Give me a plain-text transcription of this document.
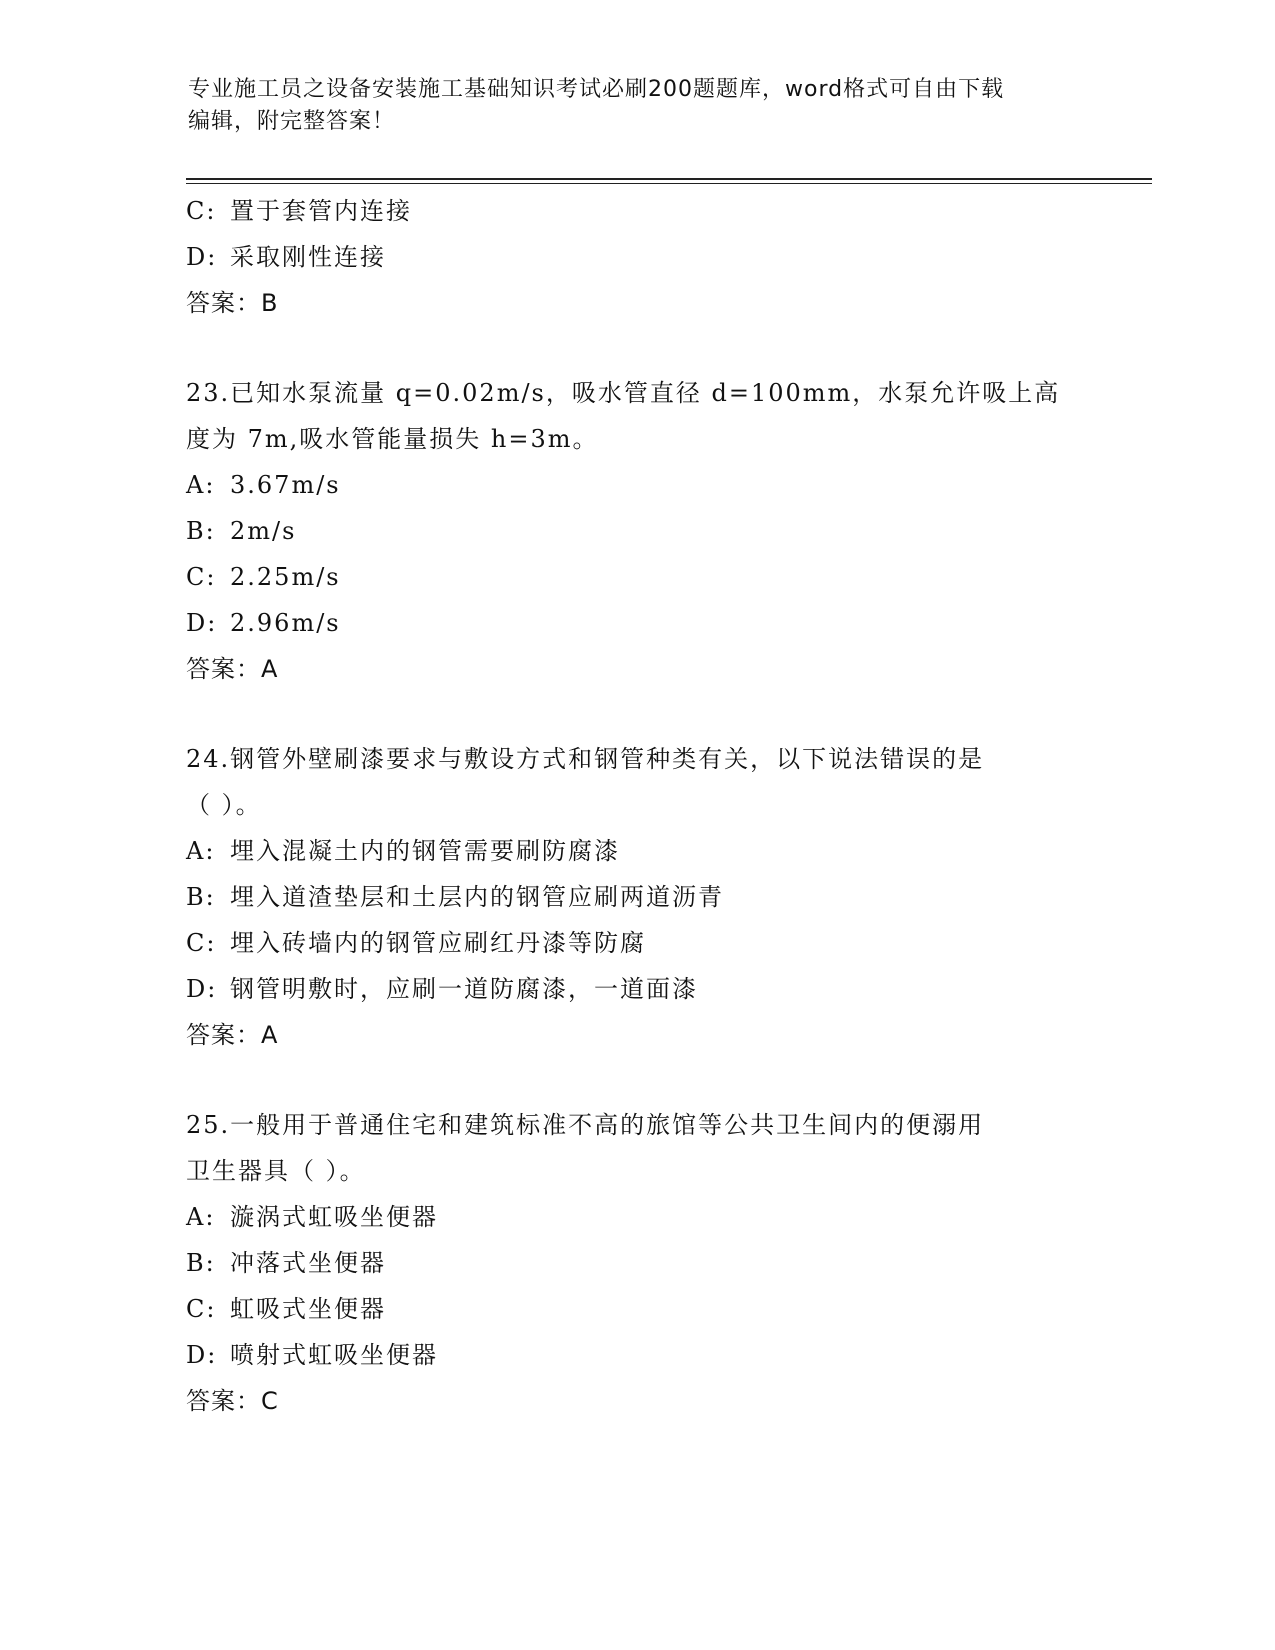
专业施工员之设备安装施工基础知识考试必刷200题题库，word格式可自由下载
编辑，附完整答案！
C: 置于套管内连接
D: 采取刚性连接
答案：B
23.已知水泵流量 q=0.02m/s，吸水管直径 d=100mm，水泵允许吸上高
度为 7m,吸水管能量损失 h=3m。
A: 3.67m/s
B: 2m/s
C: 2.25m/s
D: 2.96m/s
答案：A
24.钢管外壁刷漆要求与敷设方式和钢管种类有关，以下说法错误的是
（ ）。
A: 埋入混凝土内的钢管需要刷防腐漆
B: 埋入道渣垫层和土层内的钢管应刷两道沥青
C: 埋入砖墙内的钢管应刷红丹漆等防腐
D: 钢管明敷时，应刷一道防腐漆，一道面漆
答案：A
25.一般用于普通住宅和建筑标准不高的旅馆等公共卫生间内的便溺用
卫生器具（ ）。
A: 漩涡式虹吸坐便器
B: 冲落式坐便器
C: 虹吸式坐便器
D: 喷射式虹吸坐便器
答案：C
